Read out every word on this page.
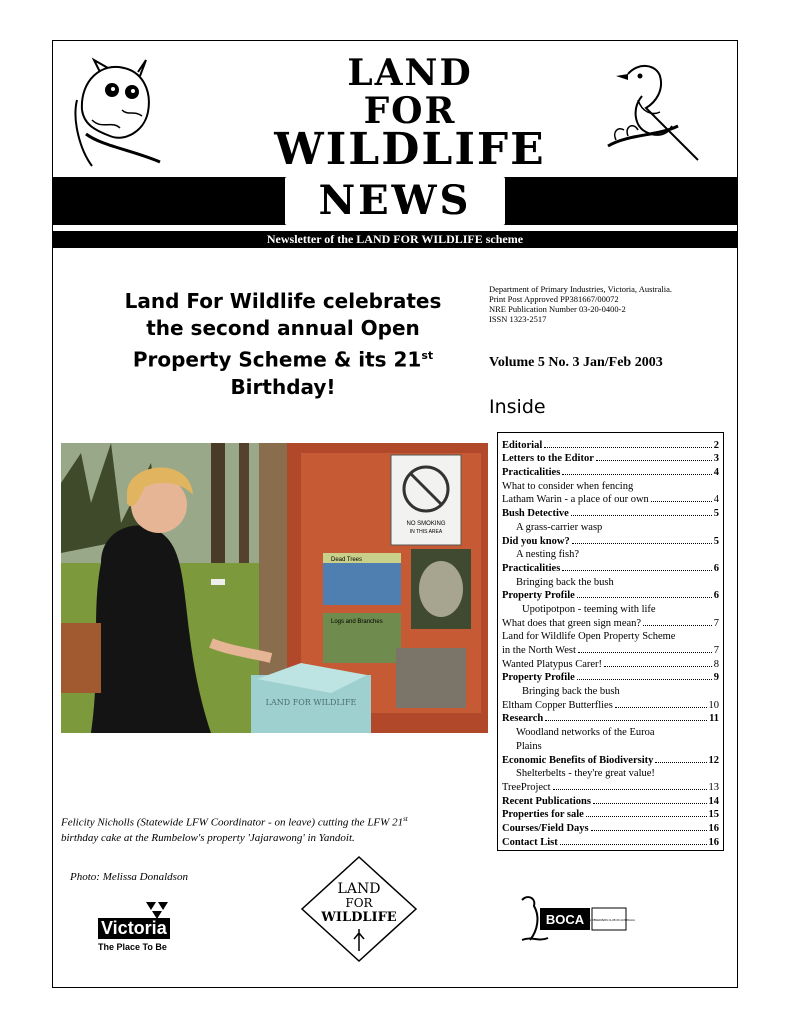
LAND
FOR
WILDLIFE
NEWS
Newsletter of the LAND FOR WILDLIFE scheme
Land For Wildlife celebrates the second annual Open Property Scheme & its 21st Birthday!
Department of Primary Industries, Victoria, Australia.
Print Post Approved PP381667/00072
NRE Publication Number 03-20-0400-2
ISSN 1323-2517
Volume 5 No. 3 Jan/Feb 2003
Inside
Editorial	2
Letters to the Editor	3
Practicalities	4
What to consider when fencing
Latham Warin - a place of our own	4
Bush Detective	5
A grass-carrier wasp
Did you know?	5
A nesting fish?
Practicalities	6
Bringing back the bush
Property Profile	6
Upotipotpon - teeming with life
What does that green sign mean?	7
Land for Wildlife Open Property Scheme
in the North West	7
Wanted Platypus Carer!	8
Property Profile	9
Bringing back the bush
Eltham Copper Butterflies	10
Research	11
Woodland networks of the Euroa
Plains
Economic Benefits of Biodiversity	12
Shelterbelts - they're great value!
TreeProject	13
Recent Publications	14
Properties for sale	15
Courses/Field Days	16
Contact List	16
NO SMOKING
IN THIS AREA
Dead Trees
Logs and Branches
LAND FOR WILDLIFE
Felicity Nicholls (Statewide LFW Coordinator - on leave) cutting the LFW 21st birthday cake at the Rumbelow's property 'Jajarawong' in Yandoit.
Photo: Melissa Donaldson
Victoria
The Place To Be
LAND
FOR
WILDLIFE	BOCA BIRDS OBSERVERS CLUB OF AUSTRALIA
